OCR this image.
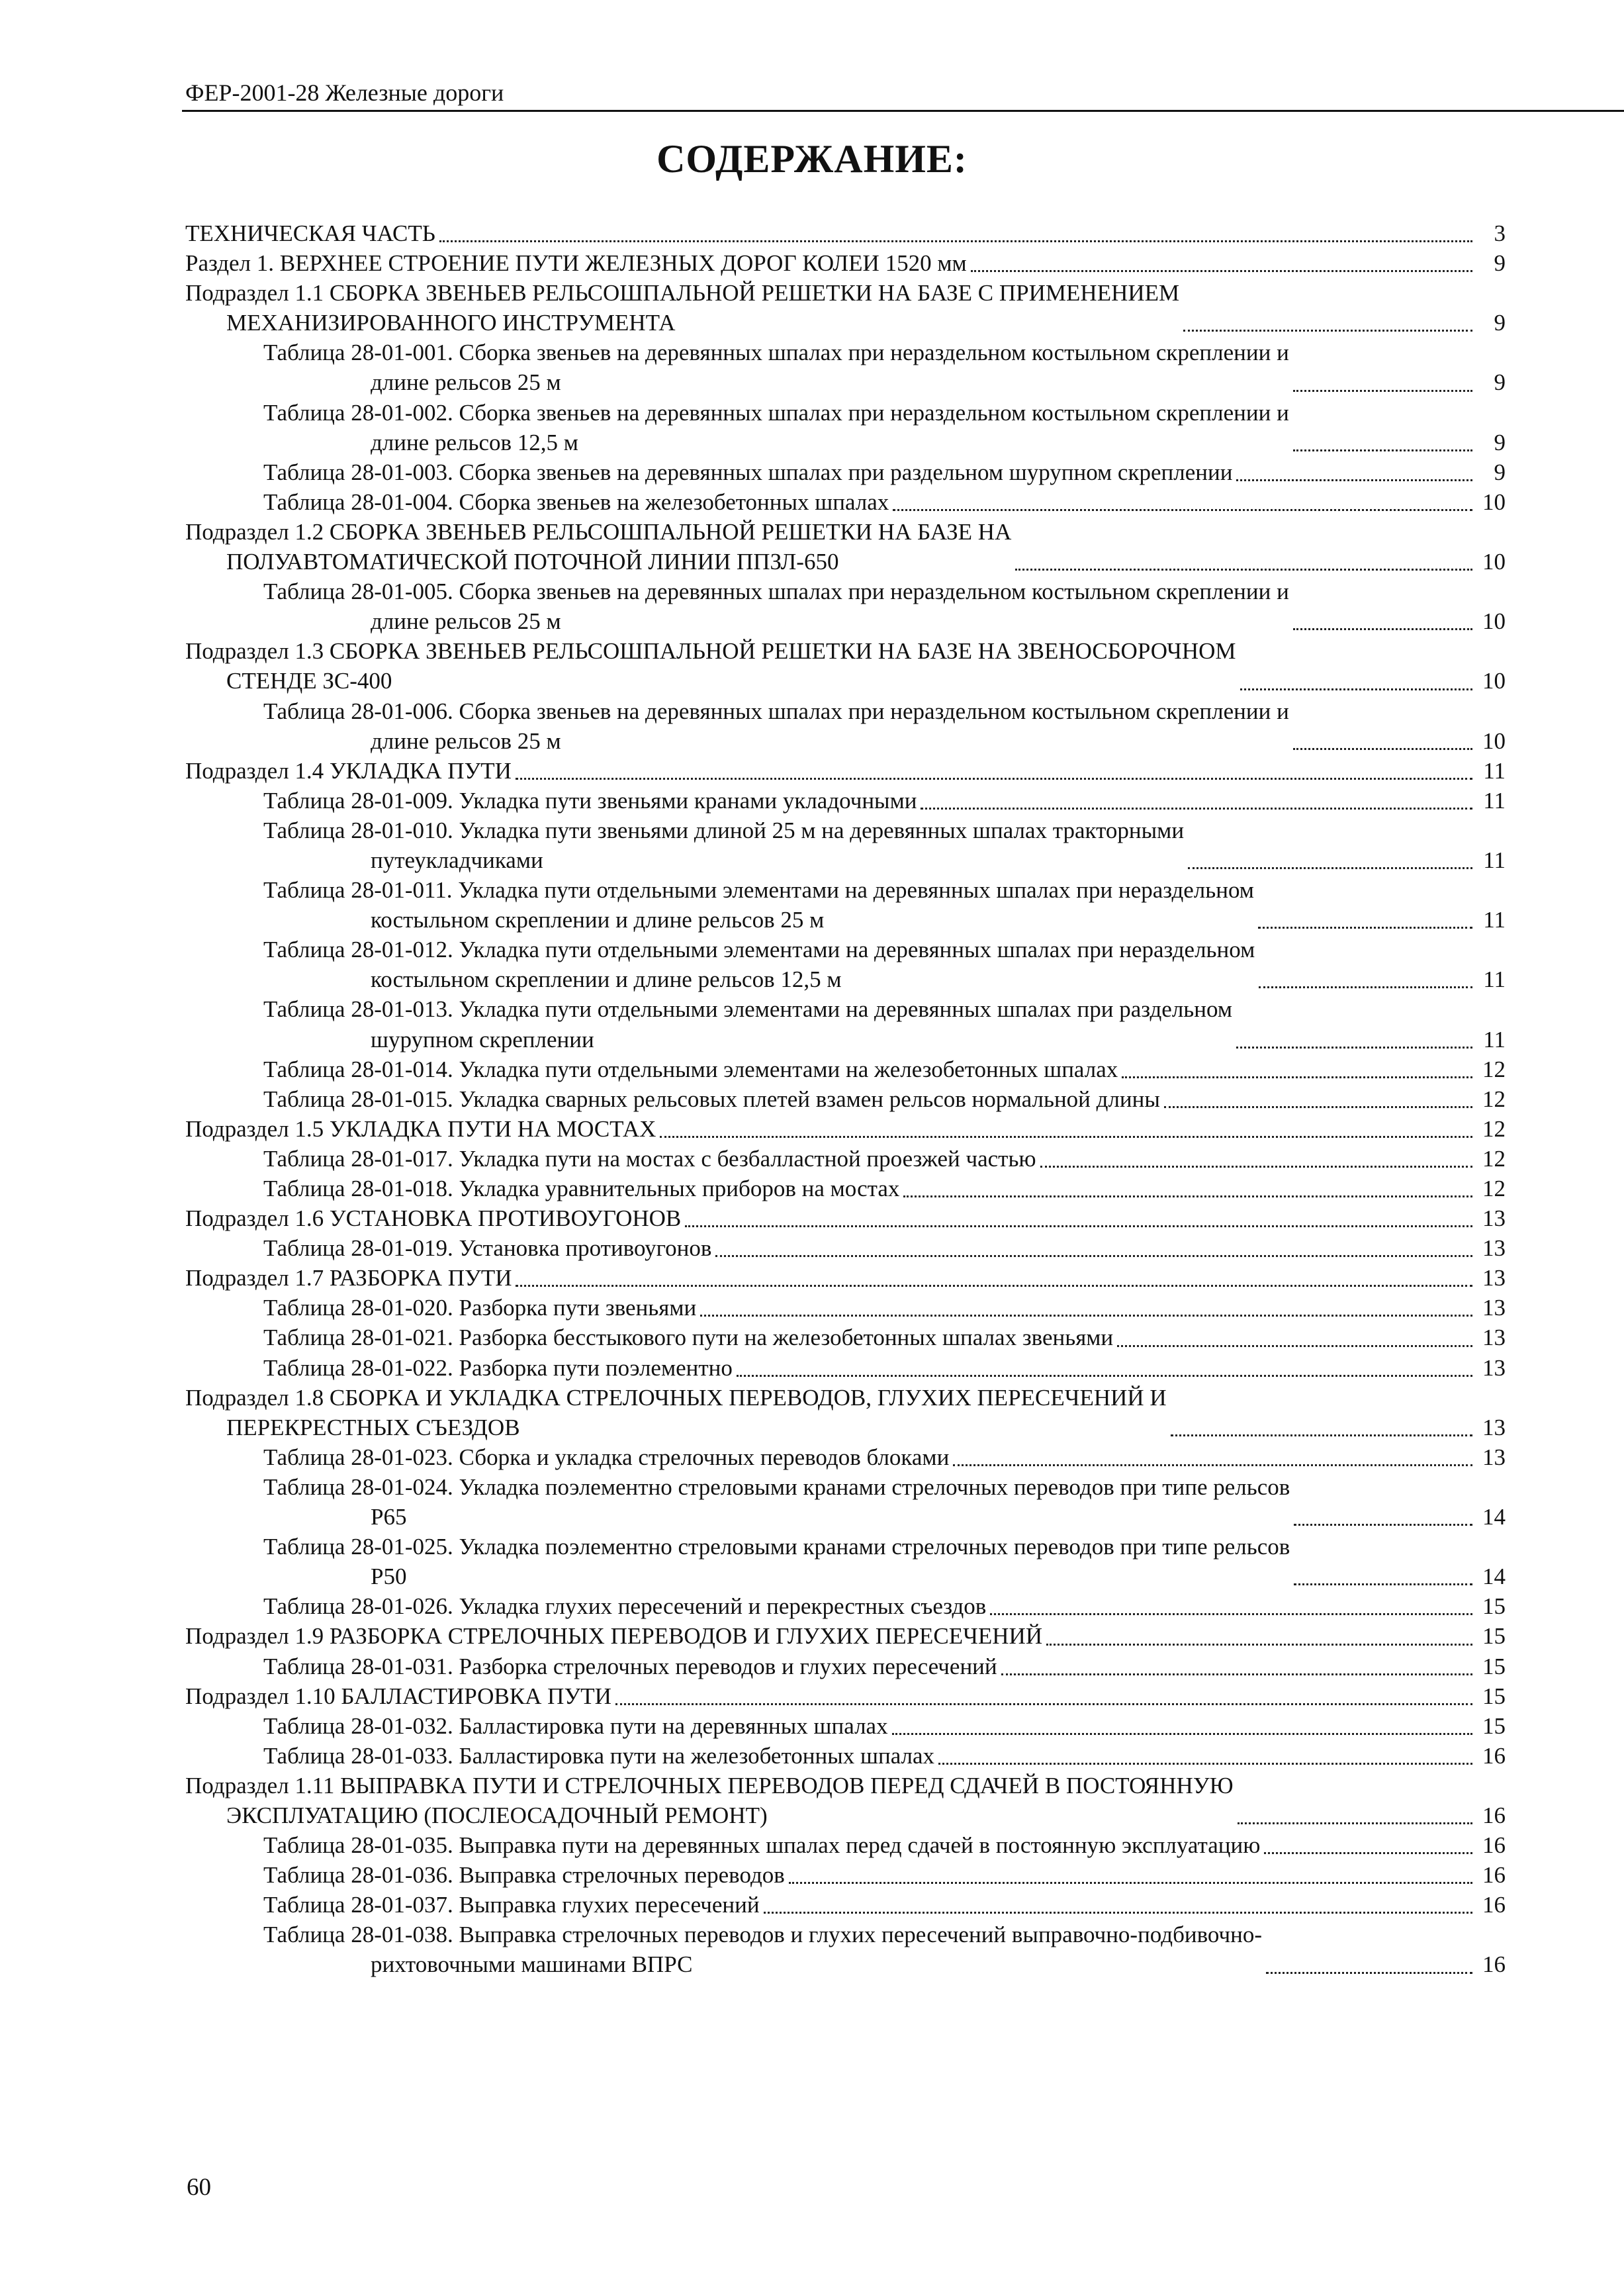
ФЕР-2001-28 Железные дороги
СОДЕРЖАНИЕ:
ТЕХНИЧЕСКАЯ ЧАСТЬ	3
Раздел 1. ВЕРХНЕЕ СТРОЕНИЕ ПУТИ ЖЕЛЕЗНЫХ ДОРОГ КОЛЕИ 1520 мм	9
Подраздел 1.1 СБОРКА ЗВЕНЬЕВ РЕЛЬСОШПАЛЬНОЙ РЕШЕТКИ НА БАЗЕ С ПРИМЕНЕНИЕМ
МЕХАНИЗИРОВАННОГО ИНСТРУМЕНТА	9
Таблица 28-01-001. Сборка звеньев на деревянных шпалах при нераздельном костыльном скреплении и
длине рельсов 25 м	9
Таблица 28-01-002. Сборка звеньев на деревянных шпалах при нераздельном костыльном скреплении и
длине рельсов 12,5 м	9
Таблица 28-01-003. Сборка звеньев на деревянных шпалах при раздельном шурупном скреплении	9
Таблица 28-01-004. Сборка звеньев на железобетонных шпалах	10
Подраздел 1.2 СБОРКА ЗВЕНЬЕВ РЕЛЬСОШПАЛЬНОЙ РЕШЕТКИ НА БАЗЕ НА
ПОЛУАВТОМАТИЧЕСКОЙ ПОТОЧНОЙ ЛИНИИ ППЗЛ-650	10
Таблица 28-01-005. Сборка звеньев на деревянных шпалах при нераздельном костыльном скреплении и
длине рельсов 25 м	10
Подраздел 1.3 СБОРКА ЗВЕНЬЕВ РЕЛЬСОШПАЛЬНОЙ РЕШЕТКИ НА БАЗЕ НА ЗВЕНОСБОРОЧНОМ
СТЕНДЕ ЗС-400	10
Таблица 28-01-006. Сборка звеньев на деревянных шпалах при нераздельном костыльном скреплении и
длине рельсов 25 м	10
Подраздел 1.4 УКЛАДКА ПУТИ	11
Таблица 28-01-009. Укладка пути звеньями кранами укладочными	11
Таблица 28-01-010. Укладка пути звеньями длиной 25 м на деревянных шпалах тракторными
путеукладчиками	11
Таблица 28-01-011. Укладка пути отдельными элементами на деревянных шпалах при нераздельном
костыльном скреплении и длине рельсов 25 м	11
Таблица 28-01-012. Укладка пути отдельными элементами на деревянных шпалах при нераздельном
костыльном скреплении и длине рельсов 12,5 м	11
Таблица 28-01-013. Укладка пути отдельными элементами на деревянных шпалах при раздельном
шурупном скреплении	11
Таблица 28-01-014. Укладка пути отдельными элементами на железобетонных шпалах	12
Таблица 28-01-015. Укладка сварных рельсовых плетей взамен рельсов нормальной длины	12
Подраздел 1.5 УКЛАДКА ПУТИ НА МОСТАХ	12
Таблица 28-01-017. Укладка пути на мостах с безбалластной проезжей частью	12
Таблица 28-01-018. Укладка уравнительных приборов на мостах	12
Подраздел 1.6 УСТАНОВКА ПРОТИВОУГОНОВ	13
Таблица 28-01-019. Установка противоугонов	13
Подраздел 1.7 РАЗБОРКА ПУТИ	13
Таблица 28-01-020. Разборка пути звеньями	13
Таблица 28-01-021. Разборка бесстыкового пути на железобетонных шпалах звеньями	13
Таблица 28-01-022. Разборка пути поэлементно	13
Подраздел 1.8 СБОРКА И УКЛАДКА СТРЕЛОЧНЫХ ПЕРЕВОДОВ, ГЛУХИХ ПЕРЕСЕЧЕНИЙ И
ПЕРЕКРЕСТНЫХ СЪЕЗДОВ	13
Таблица 28-01-023. Сборка и укладка стрелочных переводов блоками	13
Таблица 28-01-024. Укладка поэлементно стреловыми кранами стрелочных переводов при типе рельсов
Р65	14
Таблица 28-01-025. Укладка поэлементно стреловыми кранами стрелочных переводов при типе рельсов
Р50	14
Таблица 28-01-026. Укладка глухих пересечений и перекрестных съездов	15
Подраздел 1.9 РАЗБОРКА СТРЕЛОЧНЫХ ПЕРЕВОДОВ И ГЛУХИХ ПЕРЕСЕЧЕНИЙ	15
Таблица 28-01-031. Разборка стрелочных переводов и глухих пересечений	15
Подраздел 1.10 БАЛЛАСТИРОВКА ПУТИ	15
Таблица 28-01-032. Балластировка пути на деревянных шпалах	15
Таблица 28-01-033. Балластировка пути на железобетонных шпалах	16
Подраздел 1.11 ВЫПРАВКА ПУТИ И СТРЕЛОЧНЫХ ПЕРЕВОДОВ ПЕРЕД СДАЧЕЙ В ПОСТОЯННУЮ
ЭКСПЛУАТАЦИЮ (ПОСЛЕОСАДОЧНЫЙ РЕМОНТ)	16
Таблица 28-01-035. Выправка пути на деревянных шпалах перед сдачей в постоянную эксплуатацию	16
Таблица 28-01-036. Выправка стрелочных переводов	16
Таблица 28-01-037. Выправка глухих пересечений	16
Таблица 28-01-038. Выправка стрелочных переводов и глухих пересечений выправочно-подбивочно-
рихтовочными машинами ВПРС	16
60
